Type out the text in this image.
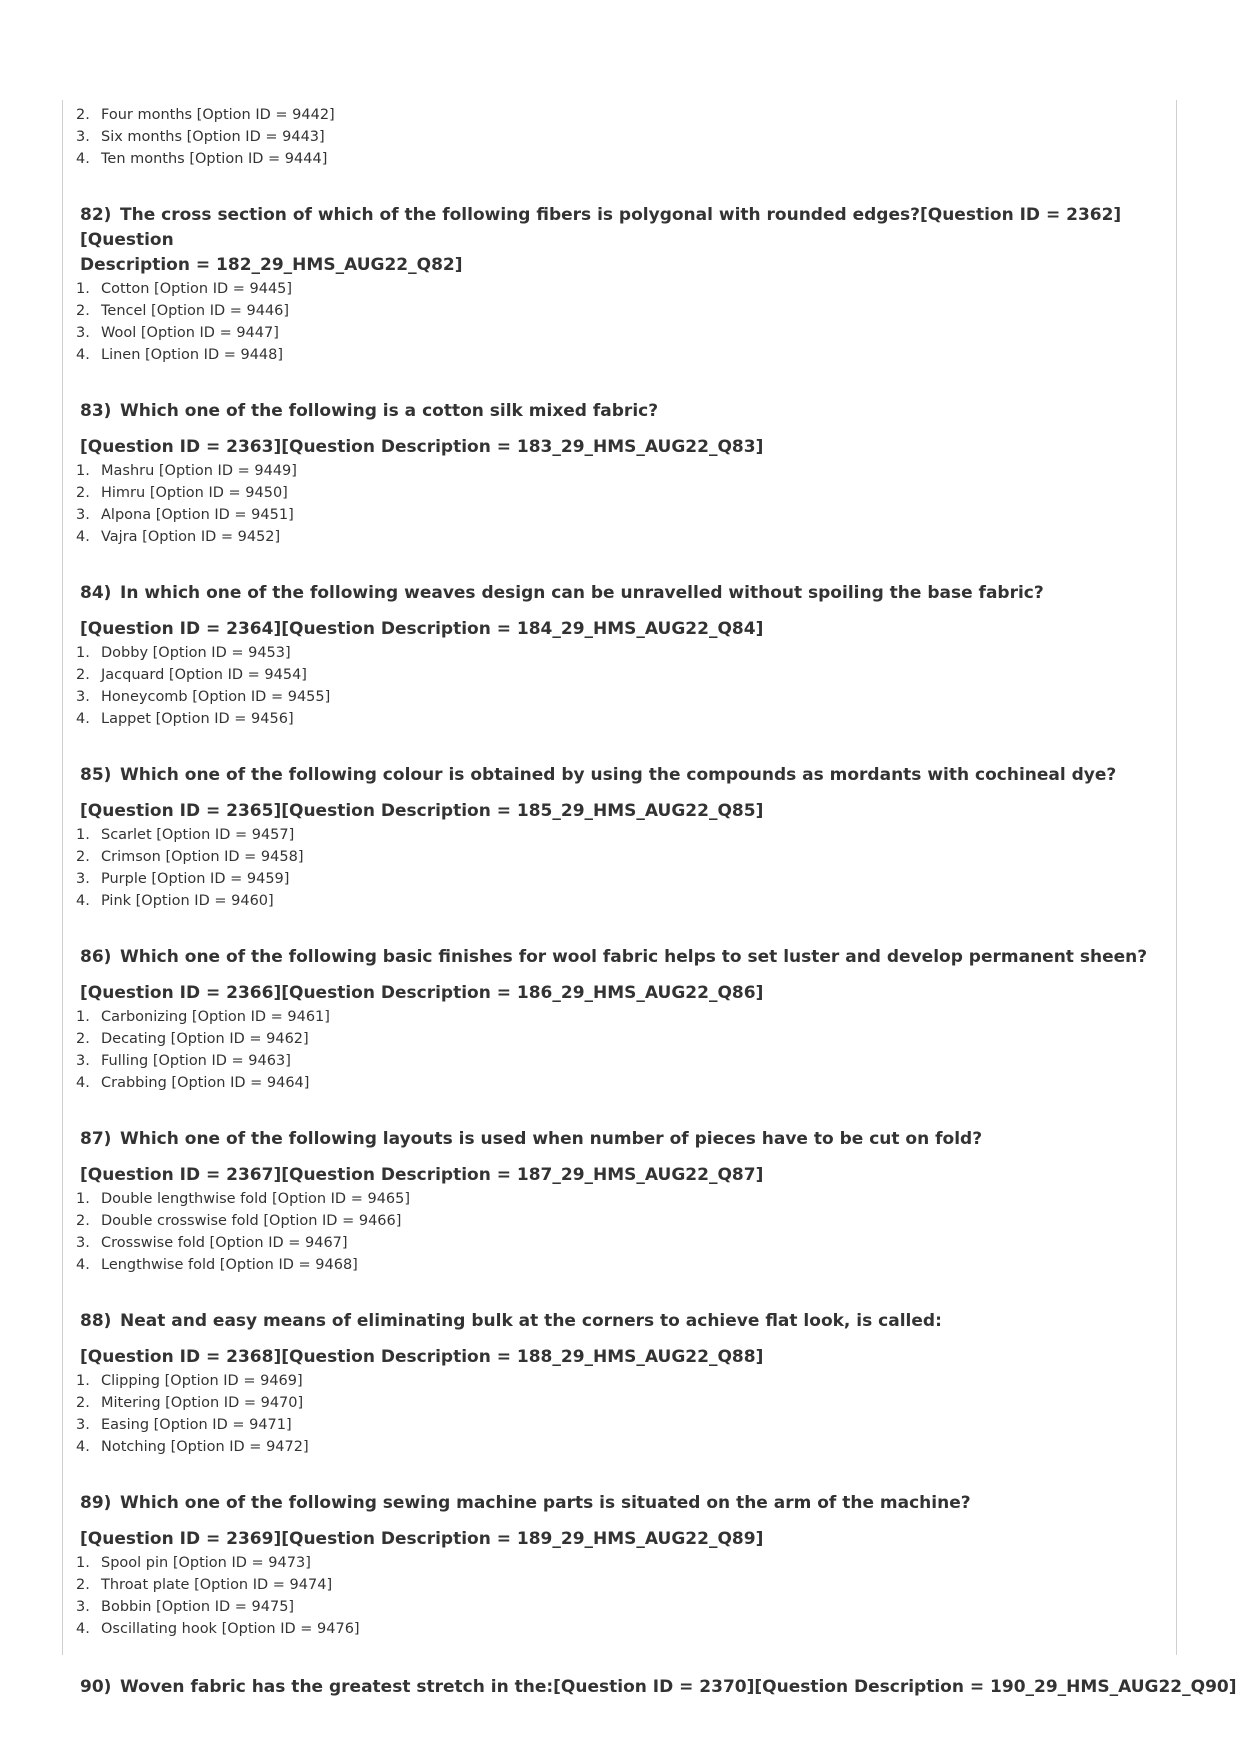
2. Four months [Option ID = 9442]
3. Six months [Option ID = 9443]
4. Ten months [Option ID = 9444]
82) The cross section of which of the following fibers is polygonal with rounded edges?[Question ID = 2362][Question
Description = 182_29_HMS_AUG22_Q82]
1. Cotton [Option ID = 9445]
2. Tencel [Option ID = 9446]
3. Wool [Option ID = 9447]
4. Linen [Option ID = 9448]
83) Which one of the following is a cotton silk mixed fabric?
[Question ID = 2363][Question Description = 183_29_HMS_AUG22_Q83]
1. Mashru [Option ID = 9449]
2. Himru [Option ID = 9450]
3. Alpona [Option ID = 9451]
4. Vajra [Option ID = 9452]
84) In which one of the following weaves design can be unravelled without spoiling the base fabric?
[Question ID = 2364][Question Description = 184_29_HMS_AUG22_Q84]
1. Dobby [Option ID = 9453]
2. Jacquard [Option ID = 9454]
3. Honeycomb [Option ID = 9455]
4. Lappet [Option ID = 9456]
85) Which one of the following colour is obtained by using the compounds as mordants with cochineal dye?
[Question ID = 2365][Question Description = 185_29_HMS_AUG22_Q85]
1. Scarlet [Option ID = 9457]
2. Crimson [Option ID = 9458]
3. Purple [Option ID = 9459]
4. Pink [Option ID = 9460]
86) Which one of the following basic finishes for wool fabric helps to set luster and develop permanent sheen?
[Question ID = 2366][Question Description = 186_29_HMS_AUG22_Q86]
1. Carbonizing [Option ID = 9461]
2. Decating [Option ID = 9462]
3. Fulling [Option ID = 9463]
4. Crabbing [Option ID = 9464]
87) Which one of the following layouts is used when number of pieces have to be cut on fold?
[Question ID = 2367][Question Description = 187_29_HMS_AUG22_Q87]
1. Double lengthwise fold [Option ID = 9465]
2. Double crosswise fold [Option ID = 9466]
3. Crosswise fold [Option ID = 9467]
4. Lengthwise fold [Option ID = 9468]
88) Neat and easy means of eliminating bulk at the corners to achieve flat look, is called:
[Question ID = 2368][Question Description = 188_29_HMS_AUG22_Q88]
1. Clipping [Option ID = 9469]
2. Mitering [Option ID = 9470]
3. Easing [Option ID = 9471]
4. Notching [Option ID = 9472]
89) Which one of the following sewing machine parts is situated on the arm of the machine?
[Question ID = 2369][Question Description = 189_29_HMS_AUG22_Q89]
1. Spool pin [Option ID = 9473]
2. Throat plate [Option ID = 9474]
3. Bobbin [Option ID = 9475]
4. Oscillating hook [Option ID = 9476]
90) Woven fabric has the greatest stretch in the:[Question ID = 2370][Question Description = 190_29_HMS_AUG22_Q90]
